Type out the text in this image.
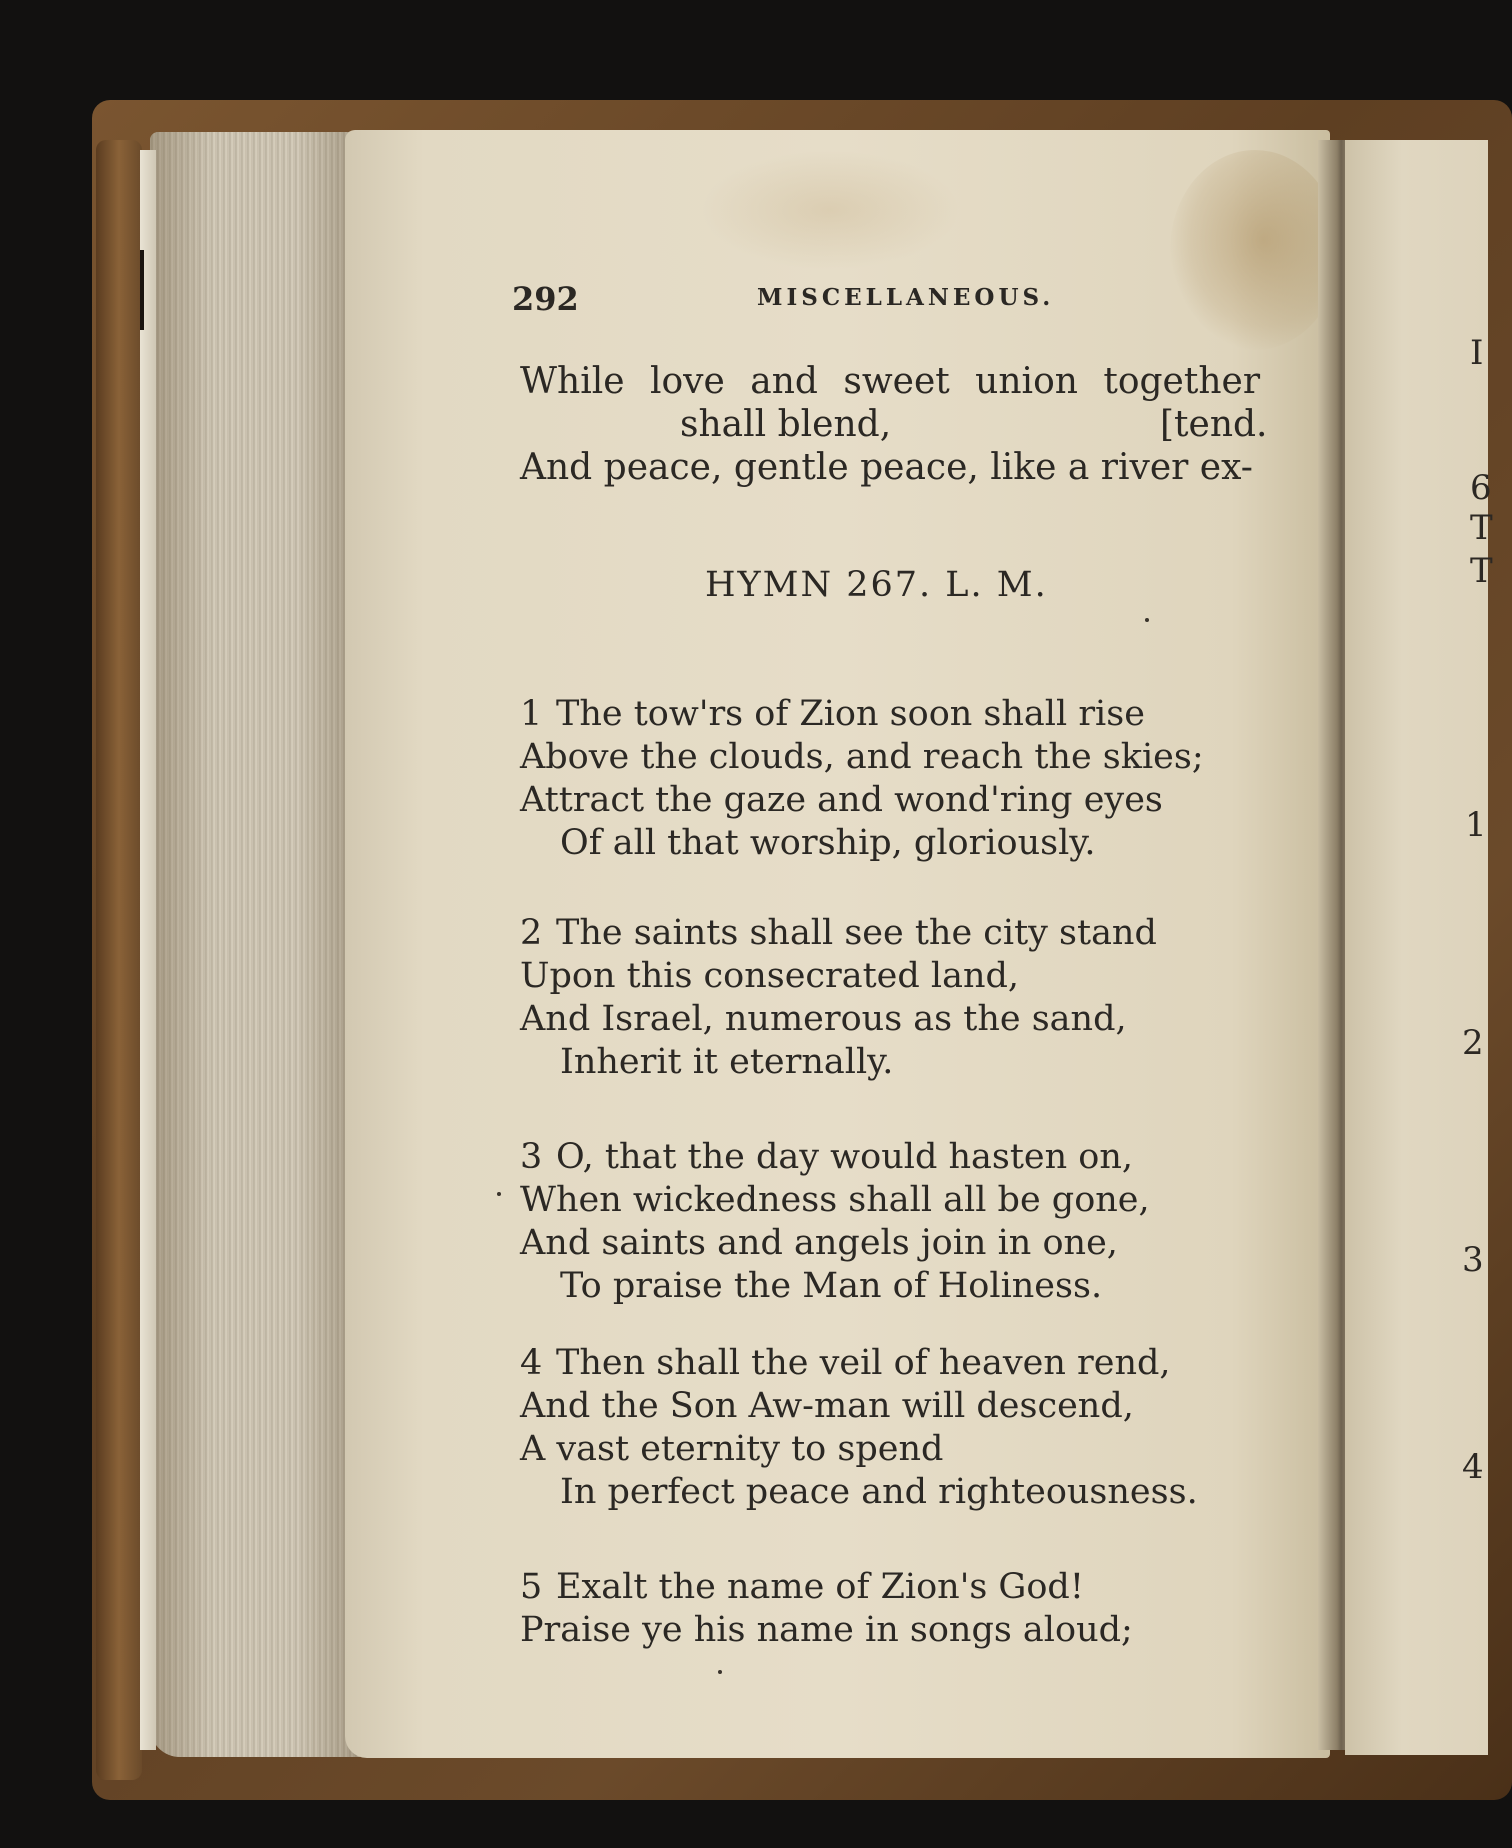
292	MISCELLANEOUS.
While love and sweet union together
shall blend,	[tend.
And peace, gentle peace, like a river ex-
HYMN 267. L. M.
1 The tow'rs of Zion soon shall rise
Above the clouds, and reach the skies;
Attract the gaze and wond'ring eyes
Of all that worship, gloriously.
2 The saints shall see the city stand
Upon this consecrated land,
And Israel, numerous as the sand,
Inherit it eternally.
3 O, that the day would hasten on,
When wickedness shall all be gone,
And saints and angels join in one,
To praise the Man of Holiness.
4 Then shall the veil of heaven rend,
And the Son Aw-man will descend,
A vast eternity to spend
In perfect peace and righteousness.
5 Exalt the name of Zion's God!
Praise ye his name in songs aloud;
I
6
T
T
1
2
3
4
